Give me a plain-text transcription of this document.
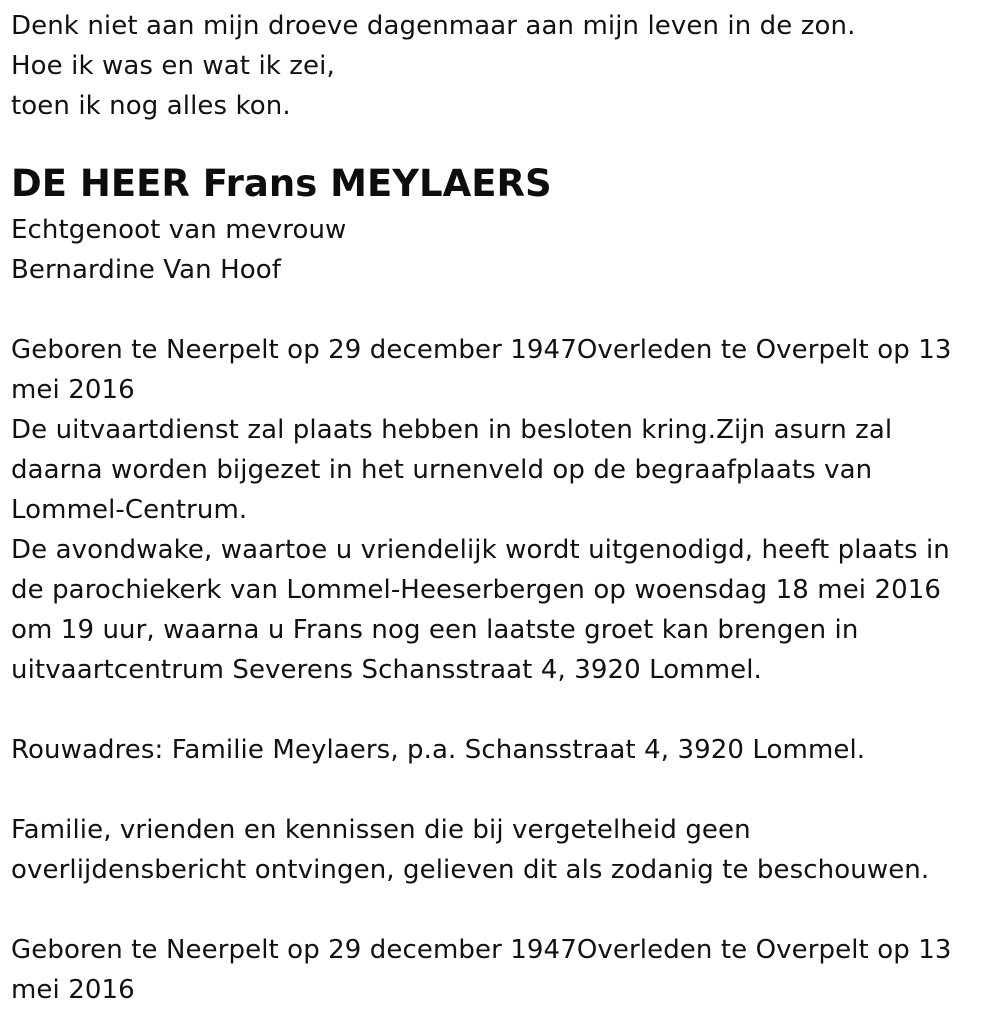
Denk niet aan mijn droeve dagenmaar aan mijn leven in de zon.
Hoe ik was en wat ik zei,
toen ik nog alles kon.
DE HEER Frans MEYLAERS
Echtgenoot van mevrouw
Bernardine Van Hoof
Geboren te Neerpelt op 29 december 1947Overleden te Overpelt op 13
mei 2016
De uitvaartdienst zal plaats hebben in besloten kring.Zijn asurn zal
daarna worden bijgezet in het urnenveld op de begraafplaats van
Lommel-Centrum.
De avondwake, waartoe u vriendelijk wordt uitgenodigd, heeft plaats in
de parochiekerk van Lommel-Heeserbergen op woensdag 18 mei 2016
om 19 uur, waarna u Frans nog een laatste groet kan brengen in
uitvaartcentrum Severens Schansstraat 4, 3920 Lommel.
Rouwadres: Familie Meylaers, p.a. Schansstraat 4, 3920 Lommel.
Familie, vrienden en kennissen die bij vergetelheid geen
overlijdensbericht ontvingen, gelieven dit als zodanig te beschouwen.
Geboren te Neerpelt op 29 december 1947Overleden te Overpelt op 13
mei 2016
